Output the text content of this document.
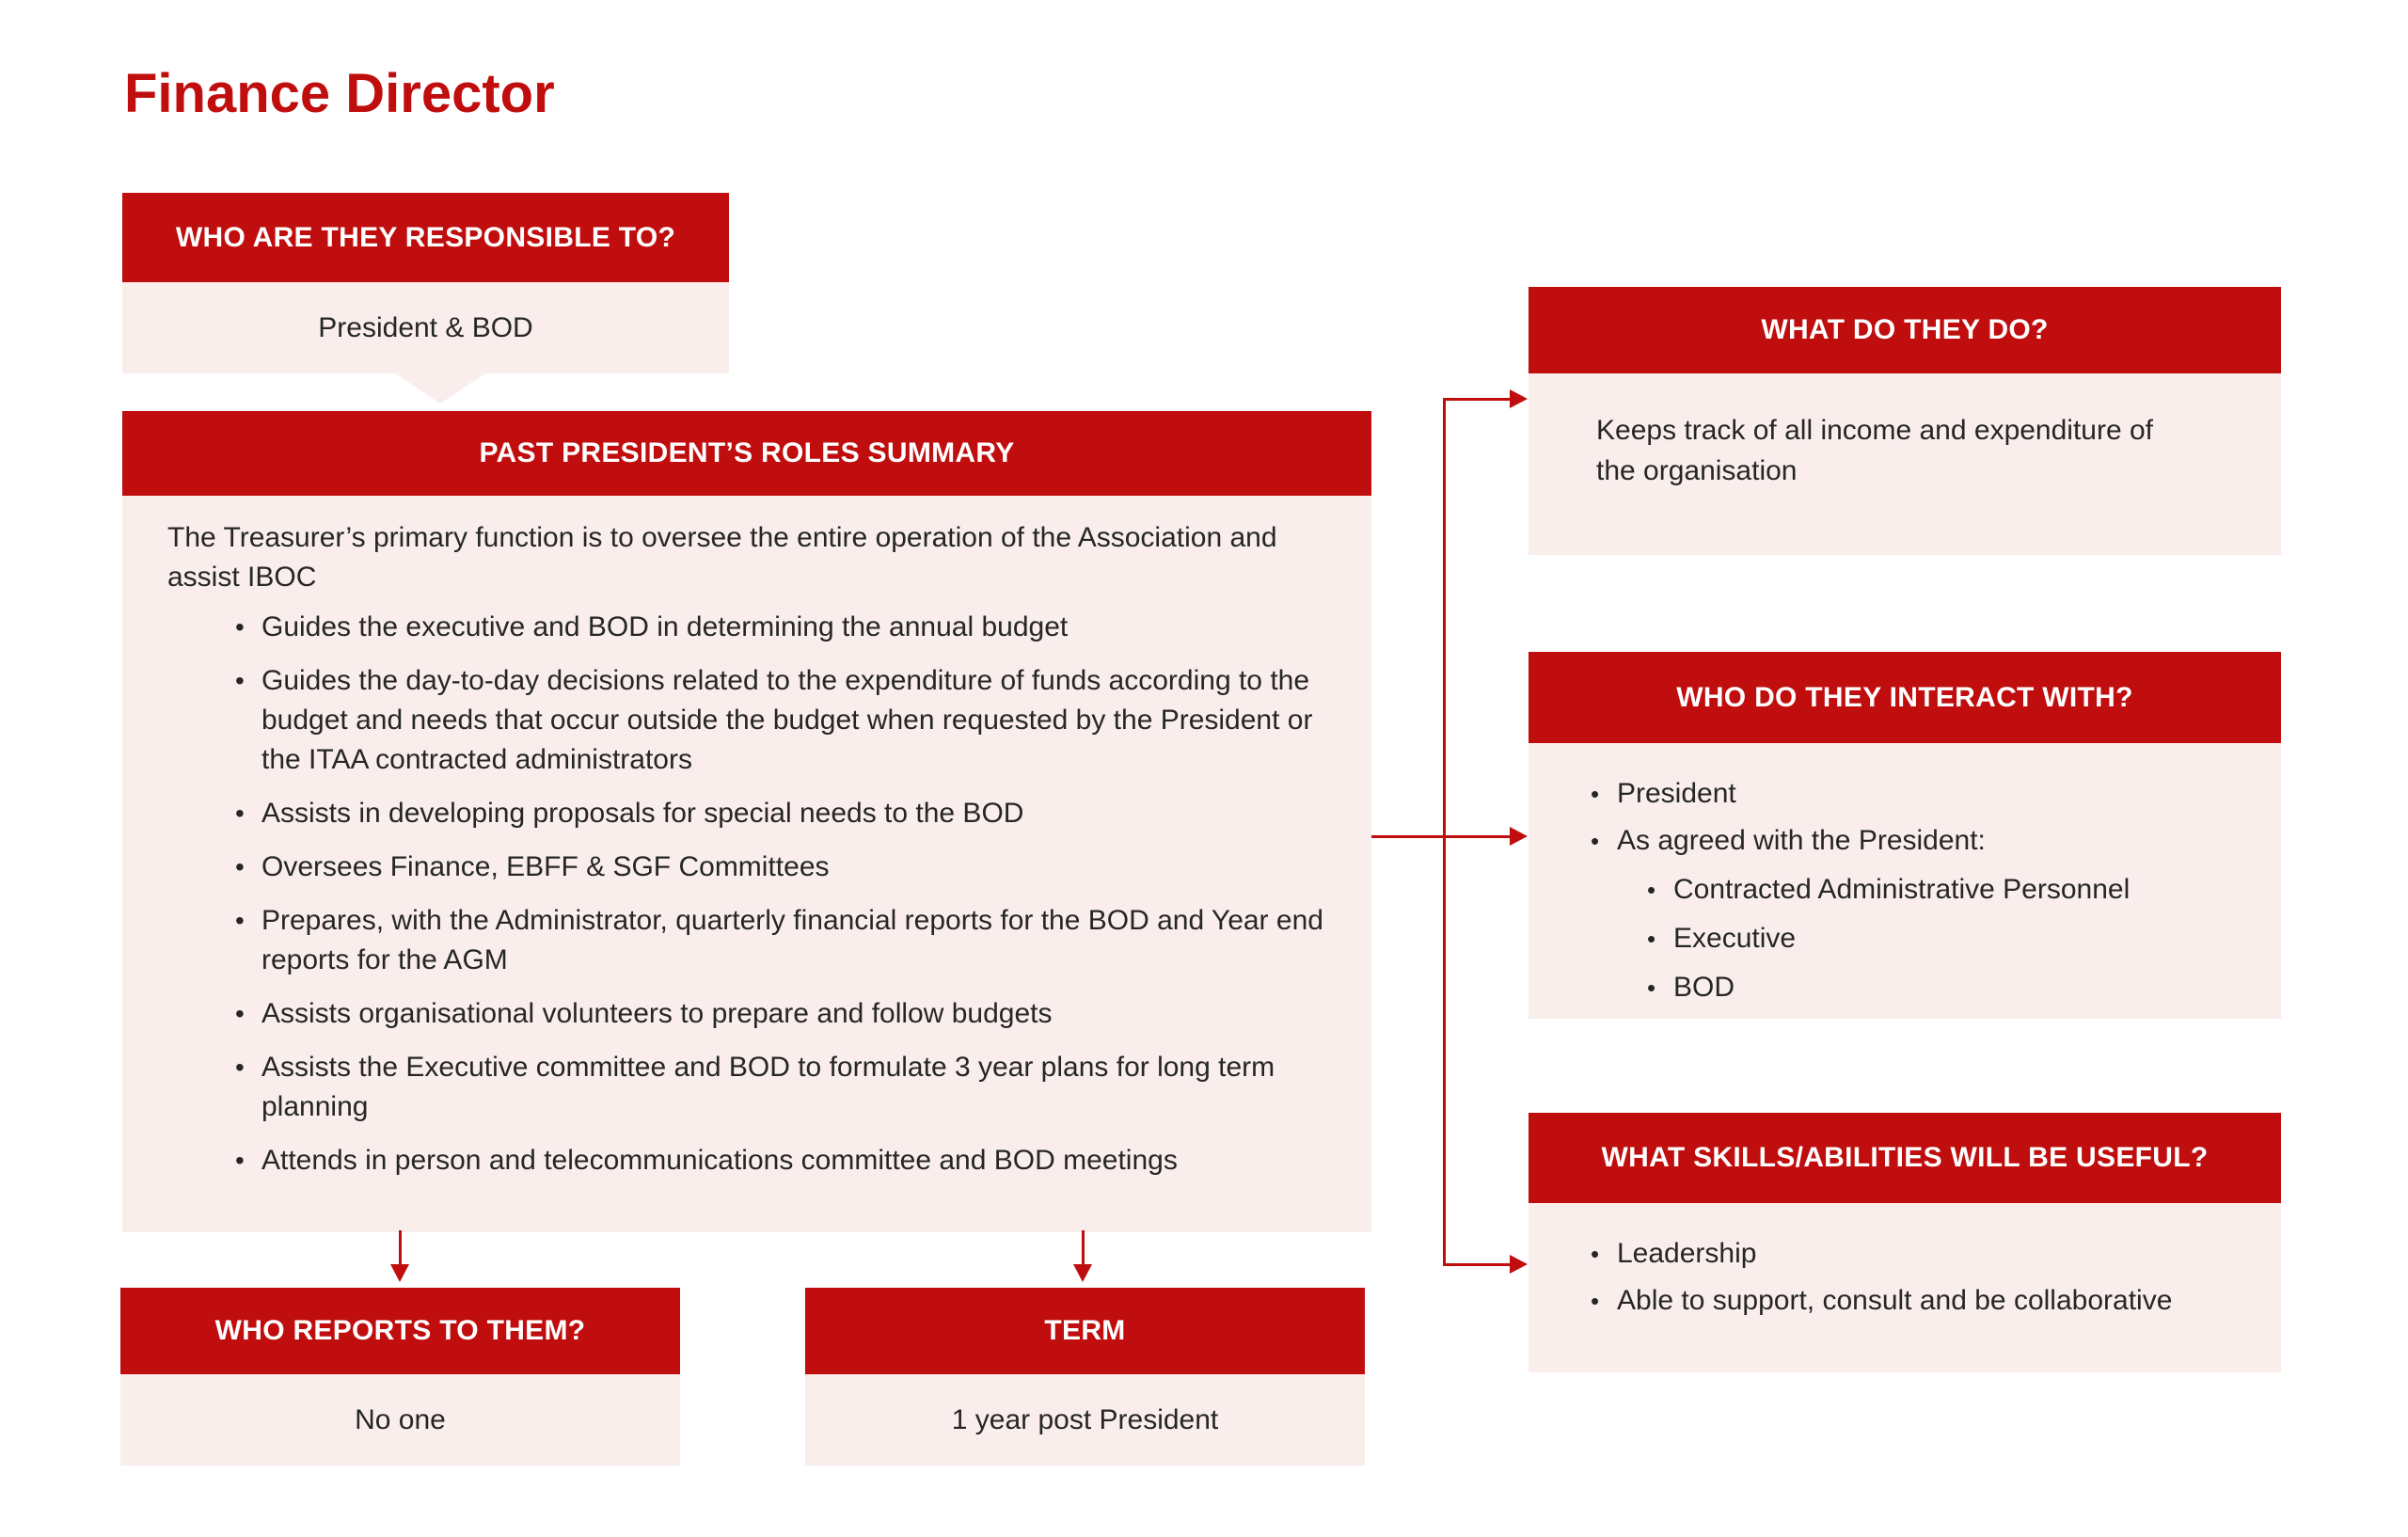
Finance Director
WHO ARE THEY RESPONSIBLE TO?
President & BOD
PAST PRESIDENT’S ROLES SUMMARY

The Treasurer’s primary function is to oversee the entire operation of the Association and assist IBOC

• Guides the executive and BOD in determining the annual budget
• Guides the day-to-day decisions related to the expenditure of funds according to the budget and needs that occur outside the budget when requested by the President or the ITAA contracted administrators
• Assists in developing proposals for special needs to the BOD
• Oversees Finance, EBFF & SGF Committees
• Prepares, with the Administrator, quarterly financial reports for the BOD and Year end reports for the AGM
• Assists organisational volunteers to prepare and follow budgets
• Assists the Executive committee and BOD to formulate 3 year plans for long term planning
• Attends in person and telecommunications committee and BOD meetings
WHO REPORTS TO THEM?
No one
TERM
1 year post President
WHAT DO THEY DO?
Keeps track of all income and expenditure of the organisation
WHO DO THEY INTERACT WITH?
• President
• As agreed with the President:
• Contracted Administrative Personnel
• Executive
• BOD
WHAT SKILLS/ABILITIES WILL BE USEFUL?
• Leadership
• Able to support, consult and be collaborative
